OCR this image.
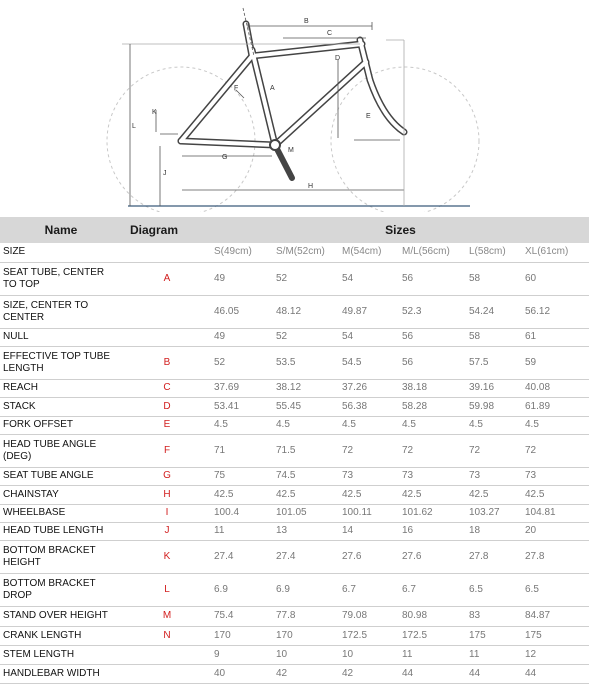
B
C
D
A
F
E
K
L
G
M
J
H
Name	Diagram	Sizes					
SIZE		S(49cm)	S/M(52cm)	M(54cm)	M/L(56cm)	L(58cm)	XL(61cm)
SEAT TUBE, CENTER TO TOP	A	49	52	54	56	58	60
SIZE, CENTER TO CENTER		46.05	48.12	49.87	52.3	54.24	56.12
NULL		49	52	54	56	58	61
EFFECTIVE TOP TUBE LENGTH	B	52	53.5	54.5	56	57.5	59
REACH	C	37.69	38.12	37.26	38.18	39.16	40.08
STACK	D	53.41	55.45	56.38	58.28	59.98	61.89
FORK OFFSET	E	4.5	4.5	4.5	4.5	4.5	4.5
HEAD TUBE ANGLE (DEG)	F	71	71.5	72	72	72	72
SEAT TUBE ANGLE	G	75	74.5	73	73	73	73
CHAINSTAY	H	42.5	42.5	42.5	42.5	42.5	42.5
WHEELBASE	I	100.4	101.05	100.11	101.62	103.27	104.81
HEAD TUBE LENGTH	J	11	13	14	16	18	20
BOTTOM BRACKET HEIGHT	K	27.4	27.4	27.6	27.6	27.8	27.8
BOTTOM BRACKET DROP	L	6.9	6.9	6.7	6.7	6.5	6.5
STAND OVER HEIGHT	M	75.4	77.8	79.08	80.98	83	84.87
CRANK LENGTH	N	170	170	172.5	172.5	175	175
STEM LENGTH		9	10	10	11	11	12
HANDLEBAR WIDTH		40	42	42	44	44	44
